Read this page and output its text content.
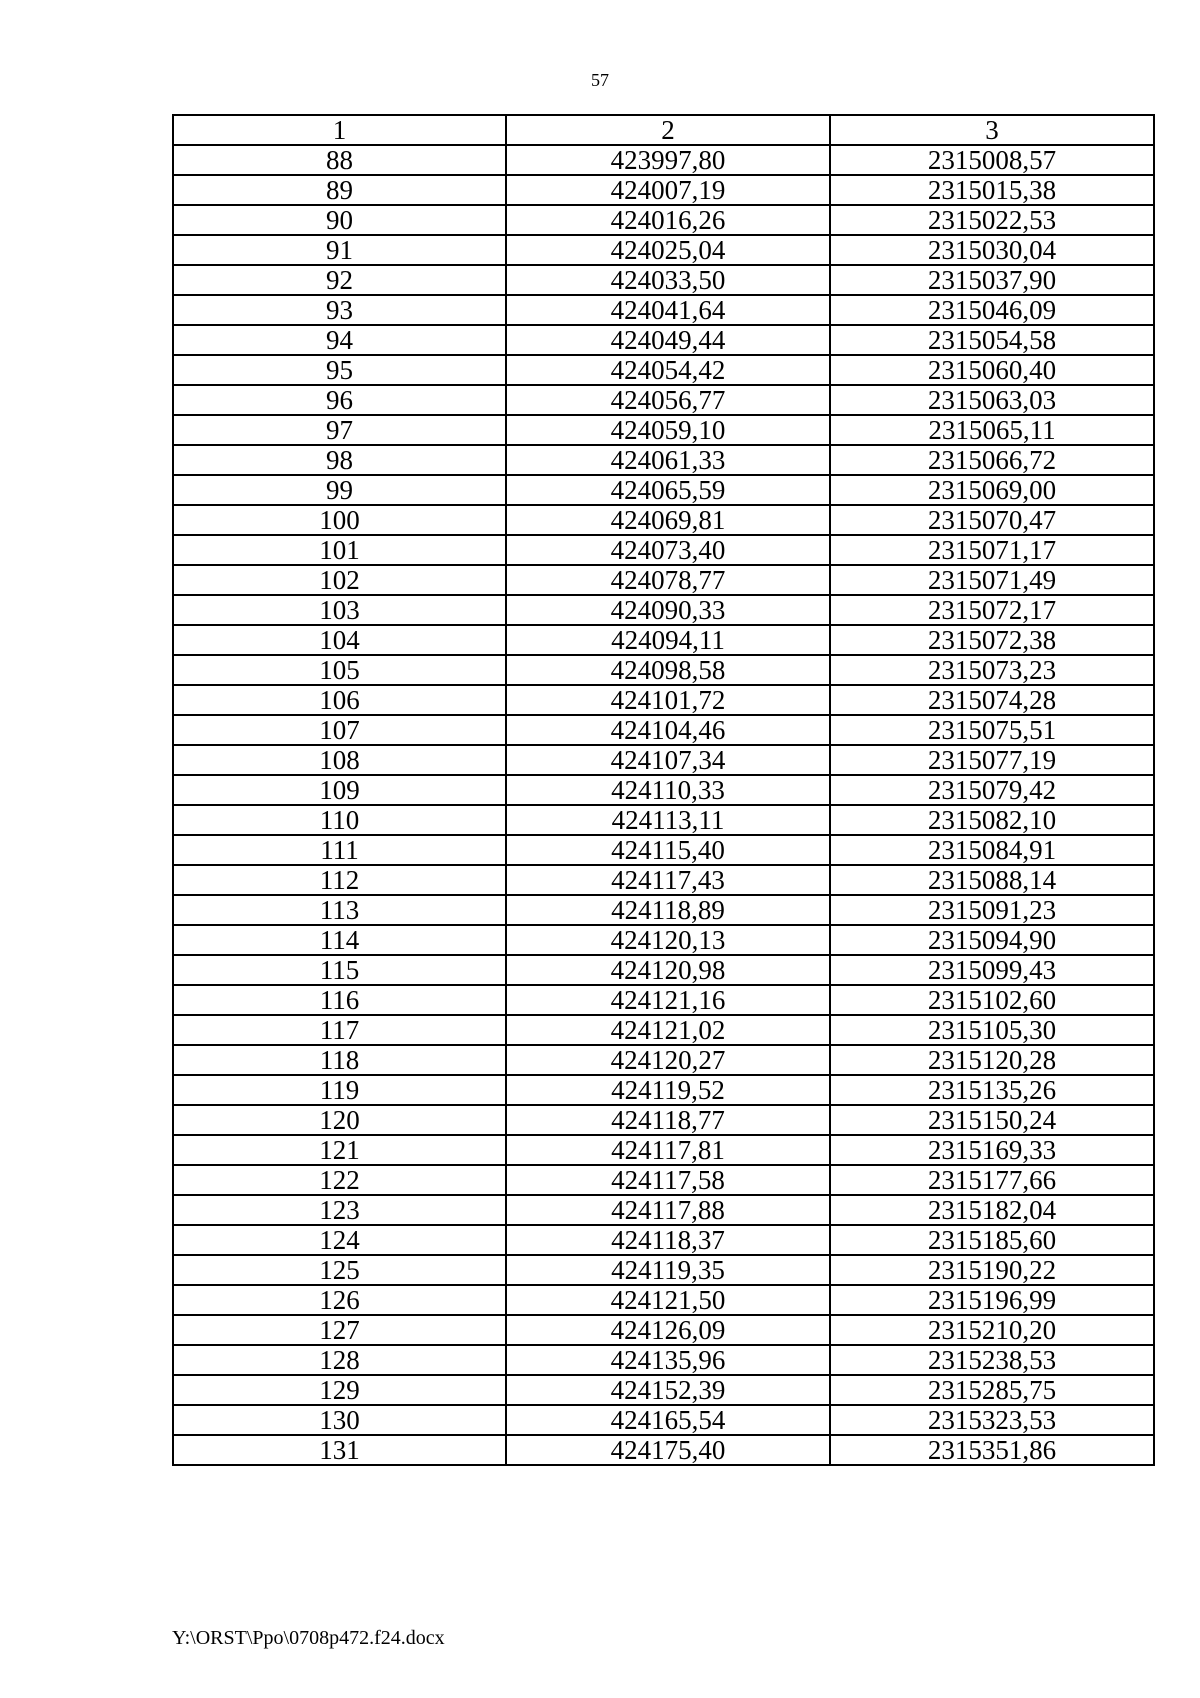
57
1	2	3
88	423997,80	2315008,57
89	424007,19	2315015,38
90	424016,26	2315022,53
91	424025,04	2315030,04
92	424033,50	2315037,90
93	424041,64	2315046,09
94	424049,44	2315054,58
95	424054,42	2315060,40
96	424056,77	2315063,03
97	424059,10	2315065,11
98	424061,33	2315066,72
99	424065,59	2315069,00
100	424069,81	2315070,47
101	424073,40	2315071,17
102	424078,77	2315071,49
103	424090,33	2315072,17
104	424094,11	2315072,38
105	424098,58	2315073,23
106	424101,72	2315074,28
107	424104,46	2315075,51
108	424107,34	2315077,19
109	424110,33	2315079,42
110	424113,11	2315082,10
111	424115,40	2315084,91
112	424117,43	2315088,14
113	424118,89	2315091,23
114	424120,13	2315094,90
115	424120,98	2315099,43
116	424121,16	2315102,60
117	424121,02	2315105,30
118	424120,27	2315120,28
119	424119,52	2315135,26
120	424118,77	2315150,24
121	424117,81	2315169,33
122	424117,58	2315177,66
123	424117,88	2315182,04
124	424118,37	2315185,60
125	424119,35	2315190,22
126	424121,50	2315196,99
127	424126,09	2315210,20
128	424135,96	2315238,53
129	424152,39	2315285,75
130	424165,54	2315323,53
131	424175,40	2315351,86
Y:\ORST\Ppo\0708p472.f24.docx
